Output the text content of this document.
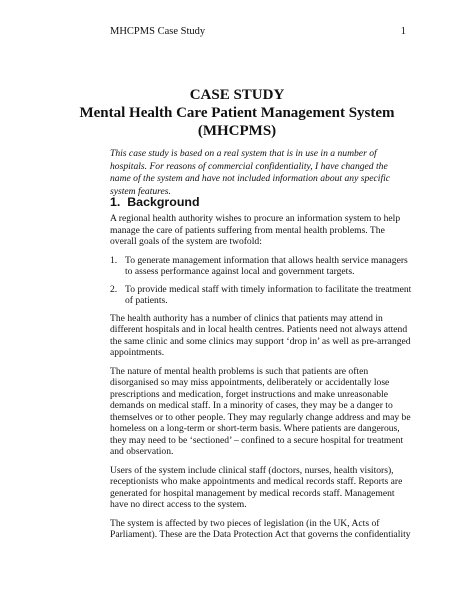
MHCPMS Case Study	1
CASE STUDY
Mental Health Care Patient Management System
(MHCPMS)
This case study is based on a real system that is in use in a number of hospitals. For reasons of commercial confidentiality, I have changed the name of the system and have not included information about any specific system features.
1. Background

A regional health authority wishes to procure an information system to help manage the care of patients suffering from mental health problems. The overall goals of the system are twofold:

1. To generate management information that allows health service managers to assess performance against local and government targets.
2. To provide medical staff with timely information to facilitate the treatment of patients.

The health authority has a number of clinics that patients may attend in different hospitals and in local health centres. Patients need not always attend the same clinic and some clinics may support ‘drop in’ as well as pre-arranged appointments.

The nature of mental health problems is such that patients are often disorganised so may miss appointments, deliberately or accidentally lose prescriptions and medication, forget instructions and make unreasonable demands on medical staff. In a minority of cases, they may be a danger to themselves or to other people. They may regularly change address and may be homeless on a long-term or short-term basis. Where patients are dangerous, they may need to be ‘sectioned’ – confined to a secure hospital for treatment and observation.

Users of the system include clinical staff (doctors, nurses, health visitors), receptionists who make appointments and medical records staff. Reports are generated for hospital management by medical records staff. Management have no direct access to the system.

The system is affected by two pieces of legislation (in the UK, Acts of Parliament). These are the Data Protection Act that governs the confidentiality
